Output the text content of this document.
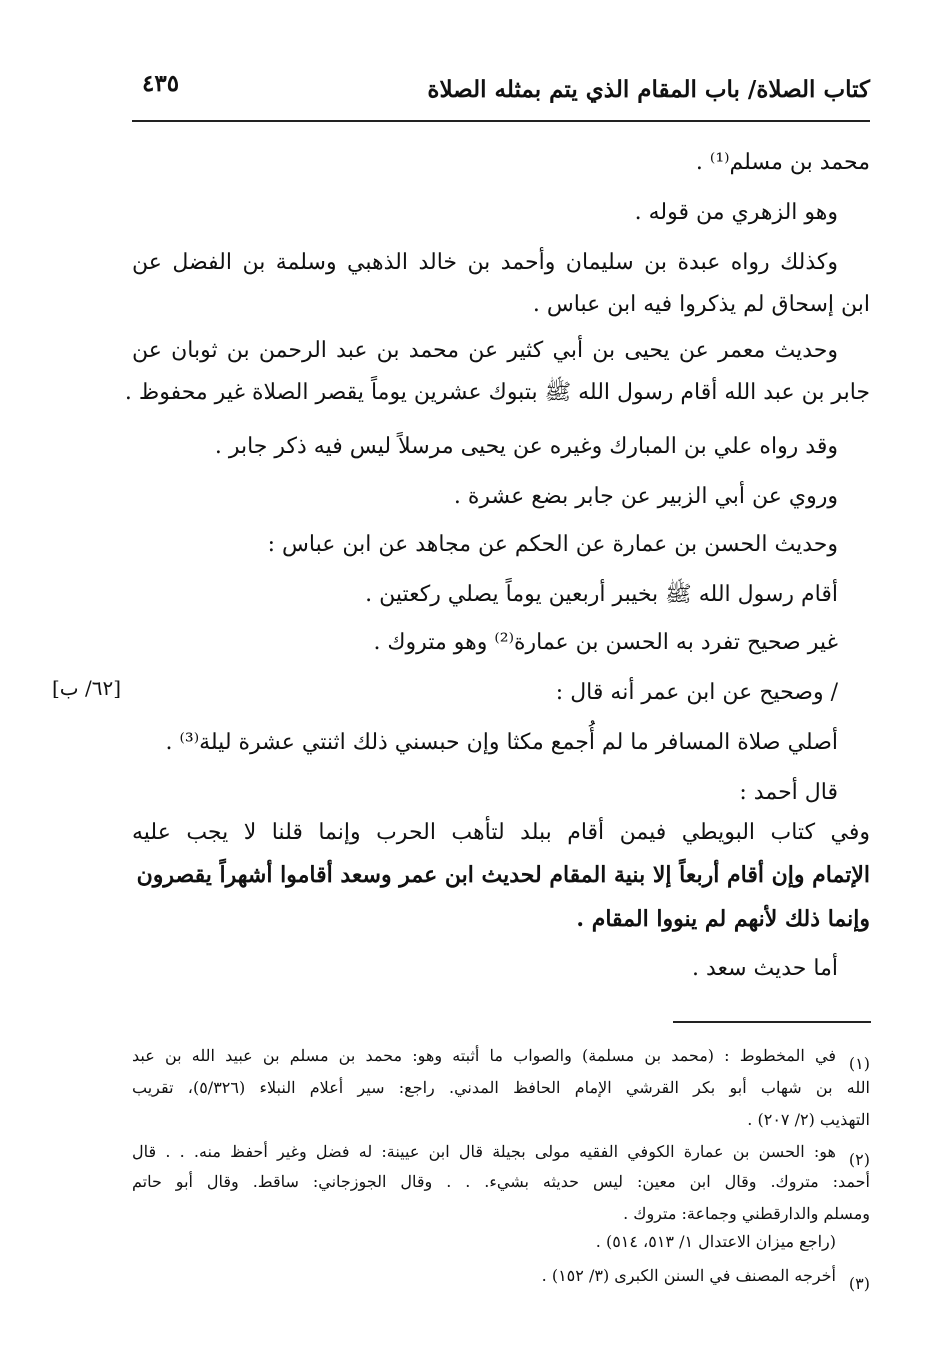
كتاب الصلاة/ باب المقام الذي يتم بمثله الصلاة
٤٣٥
محمد بن مسلم⁽¹⁾ .
وهو الزهري من قوله .
وكذلك رواه عبدة بن سليمان وأحمد بن خالد الذهبي وسلمة بن الفضل عن
ابن إسحاق لم يذكروا فيه ابن عباس .
وحديث معمر عن يحيى بن أبي كثير عن محمد بن عبد الرحمن بن ثوبان عن
جابر بن عبد الله أقام رسول الله ﷺ بتبوك عشرين يوماً يقصر الصلاة غير محفوظ .
وقد رواه علي بن المبارك وغيره عن يحيى مرسلاً ليس فيه ذكر جابر .
وروي عن أبي الزبير عن جابر بضع عشرة .
وحديث الحسن بن عمارة عن الحكم عن مجاهد عن ابن عباس :
أقام رسول الله ﷺ بخيبر أربعين يوماً يصلي ركعتين .
غير صحيح تفرد به الحسن بن عمارة⁽²⁾ وهو متروك .
[٦٢/ ب]	/ وصحيح عن ابن عمر أنه قال :
أصلي صلاة المسافر ما لم أُجمع مكثا وإن حبسني ذلك اثنتي عشرة ليلة⁽³⁾ .
قال أحمد :
وفي كتاب البويطي فيمن أقام ببلد لتأهب الحرب وإنما قلنا لا يجب عليه
الإتمام وإن أقام أربعاً إلا بنية المقام لحديث ابن عمر وسعد أقاموا أشهراً يقصرون
وإنما ذلك لأنهم لم ينووا المقام .
أما حديث سعد .
(١)
في المخطوط : (محمد بن مسلمة) والصواب ما أثبته وهو: محمد بن مسلم بن عبيد الله بن عبد
الله بن شهاب أبو بكر القرشي الإمام الحافظ المدني. راجع: سير أعلام النبلاء (٥/٣٢٦)، تقريب
التهذيب (٢/ ٢٠٧) .
(٢)
هو: الحسن بن عمارة الكوفي الفقيه مولى بجيلة قال ابن عيينة: له فضل وغير أحفظ منه. . . قال
أحمد: متروك. وقال ابن معين: ليس حديثه بشيء. . . وقال الجوزجاني: ساقط. وقال أبو حاتم
ومسلم والدارقطني وجماعة: متروك .
(راجع ميزان الاعتدال ١/ ٥١٣، ٥١٤) .
(٣)
أخرجه المصنف في السنن الكبرى (٣/ ١٥٢) .
